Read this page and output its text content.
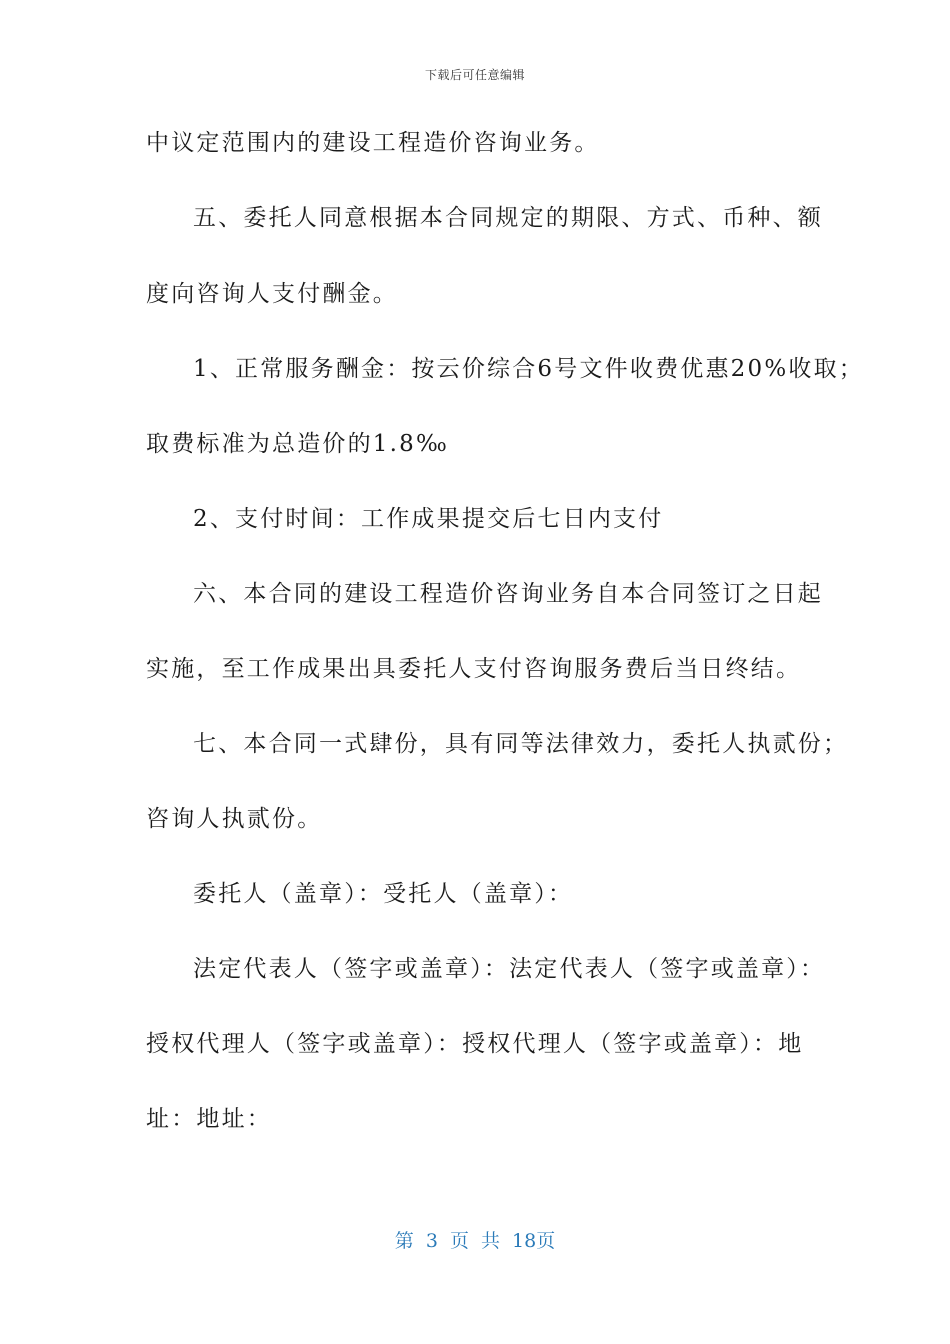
下载后可任意编辑
中议定范围内的建设工程造价咨询业务。
五、委托人同意根据本合同规定的期限、方式、币种、额
度向咨询人支付酬金。
1、正常服务酬金：按云价综合6号文件收费优惠20%收取；
取费标准为总造价的1.8‰
2、支付时间：工作成果提交后七日内支付
六、本合同的建设工程造价咨询业务自本合同签订之日起
实施，至工作成果出具委托人支付咨询服务费后当日终结。
七、本合同一式肆份，具有同等法律效力，委托人执贰份；
咨询人执贰份。
委托人（盖章）：受托人（盖章）：
法定代表人（签字或盖章）：法定代表人（签字或盖章）：
授权代理人（签字或盖章）：授权代理人（签字或盖章）：地
址：地址：
第 3 页 共 18页
